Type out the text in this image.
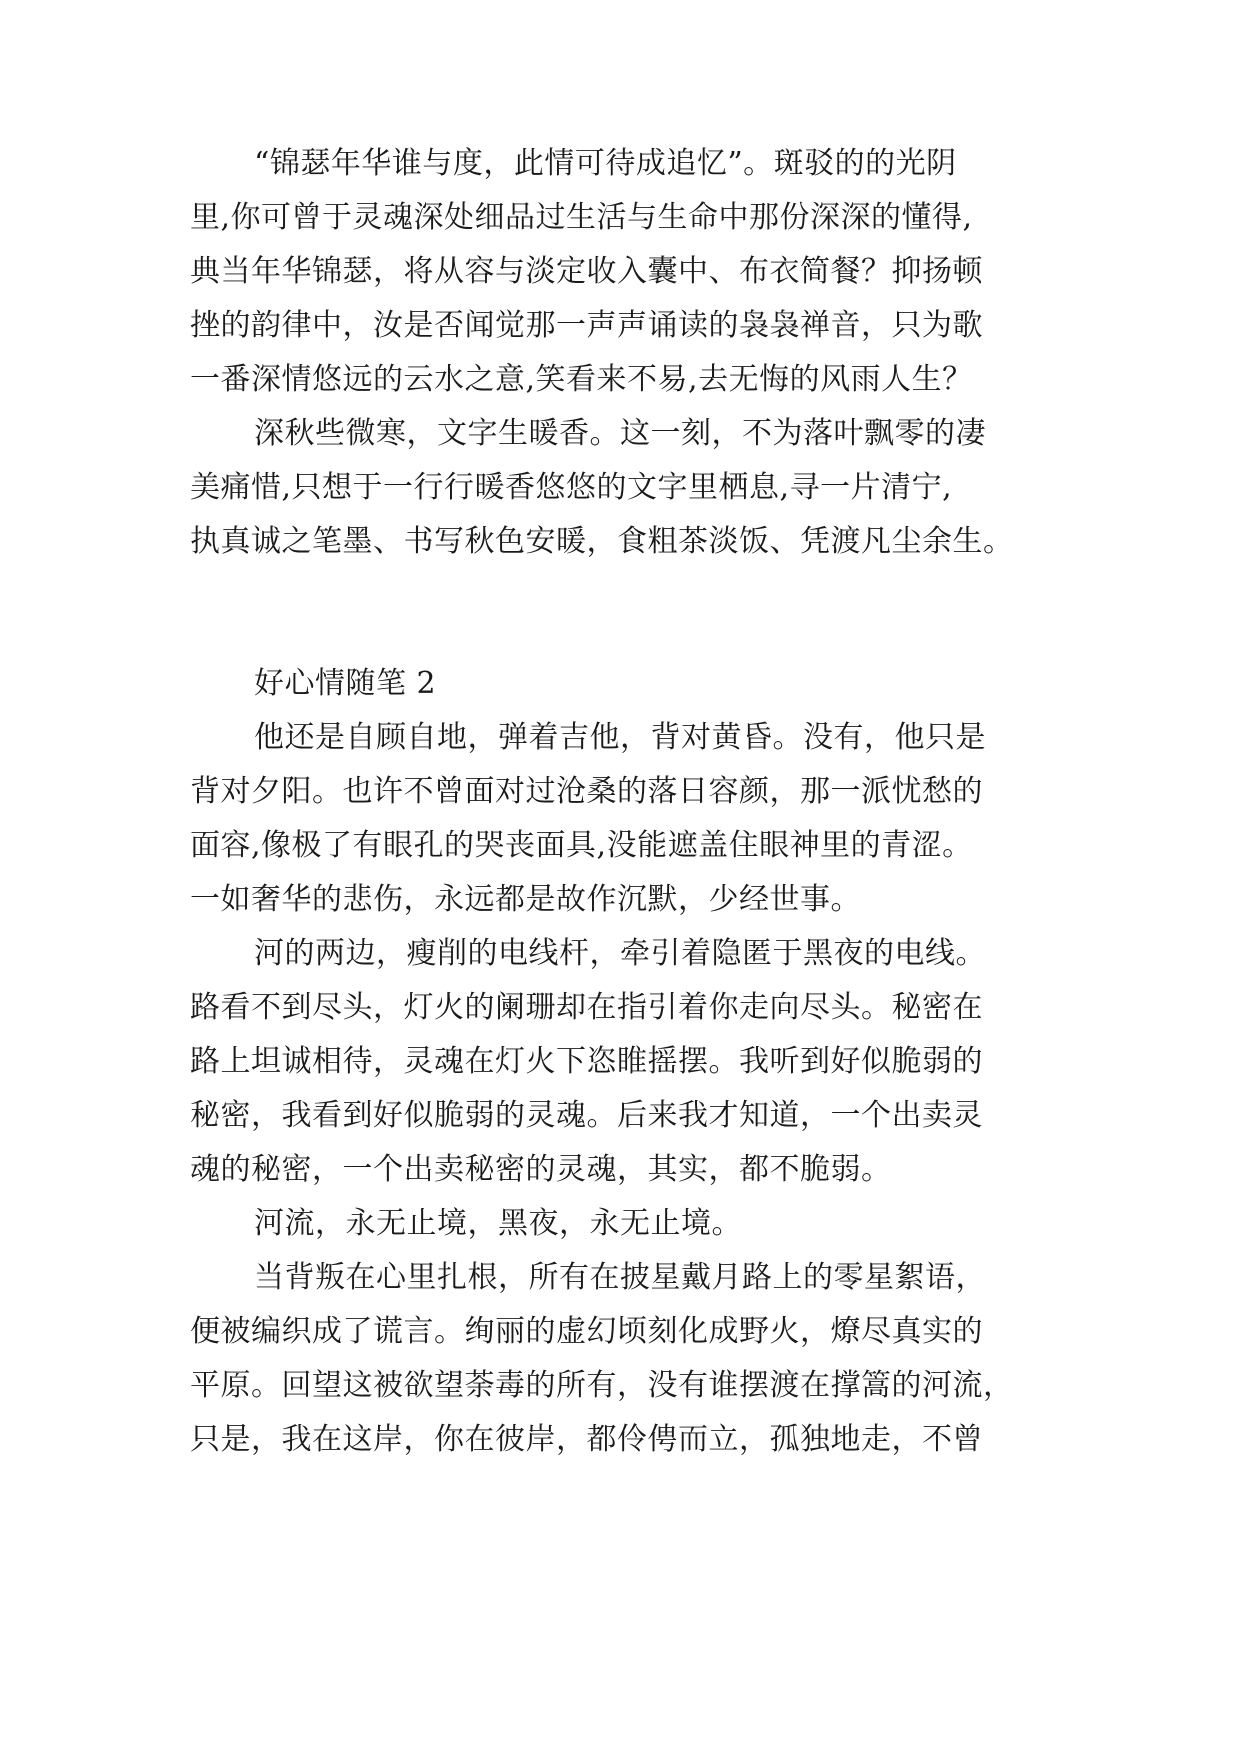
“锦瑟年华谁与度，此情可待成追忆”。斑驳的的光阴
里,你可曾于灵魂深处细品过生活与生命中那份深深的懂得,
典当年华锦瑟，将从容与淡定收入囊中、布衣简餐？抑扬顿
挫的韵律中，汝是否闻觉那一声声诵读的袅袅禅音，只为歌
一番深情悠远的云水之意,笑看来不易,去无悔的风雨人生？
深秋些微寒，文字生暖香。这一刻，不为落叶飘零的凄
美痛惜,只想于一行行暖香悠悠的文字里栖息,寻一片清宁,
执真诚之笔墨、书写秋色安暖，食粗茶淡饭、凭渡凡尘余生。
好心情随笔 2
他还是自顾自地，弹着吉他，背对黄昏。没有，他只是
背对夕阳。也许不曾面对过沧桑的落日容颜，那一派忧愁的
面容,像极了有眼孔的哭丧面具,没能遮盖住眼神里的青涩。
一如奢华的悲伤，永远都是故作沉默，少经世事。
河的两边，瘦削的电线杆，牵引着隐匿于黑夜的电线。
路看不到尽头，灯火的阑珊却在指引着你走向尽头。秘密在
路上坦诚相待，灵魂在灯火下恣睢摇摆。我听到好似脆弱的
秘密，我看到好似脆弱的灵魂。后来我才知道，一个出卖灵
魂的秘密，一个出卖秘密的灵魂，其实，都不脆弱。
河流，永无止境，黑夜，永无止境。
当背叛在心里扎根，所有在披星戴月路上的零星絮语，
便被编织成了谎言。绚丽的虚幻顷刻化成野火，燎尽真实的
平原。回望这被欲望荼毒的所有，没有谁摆渡在撑篙的河流，
只是，我在这岸，你在彼岸，都伶俜而立，孤独地走，不曾
